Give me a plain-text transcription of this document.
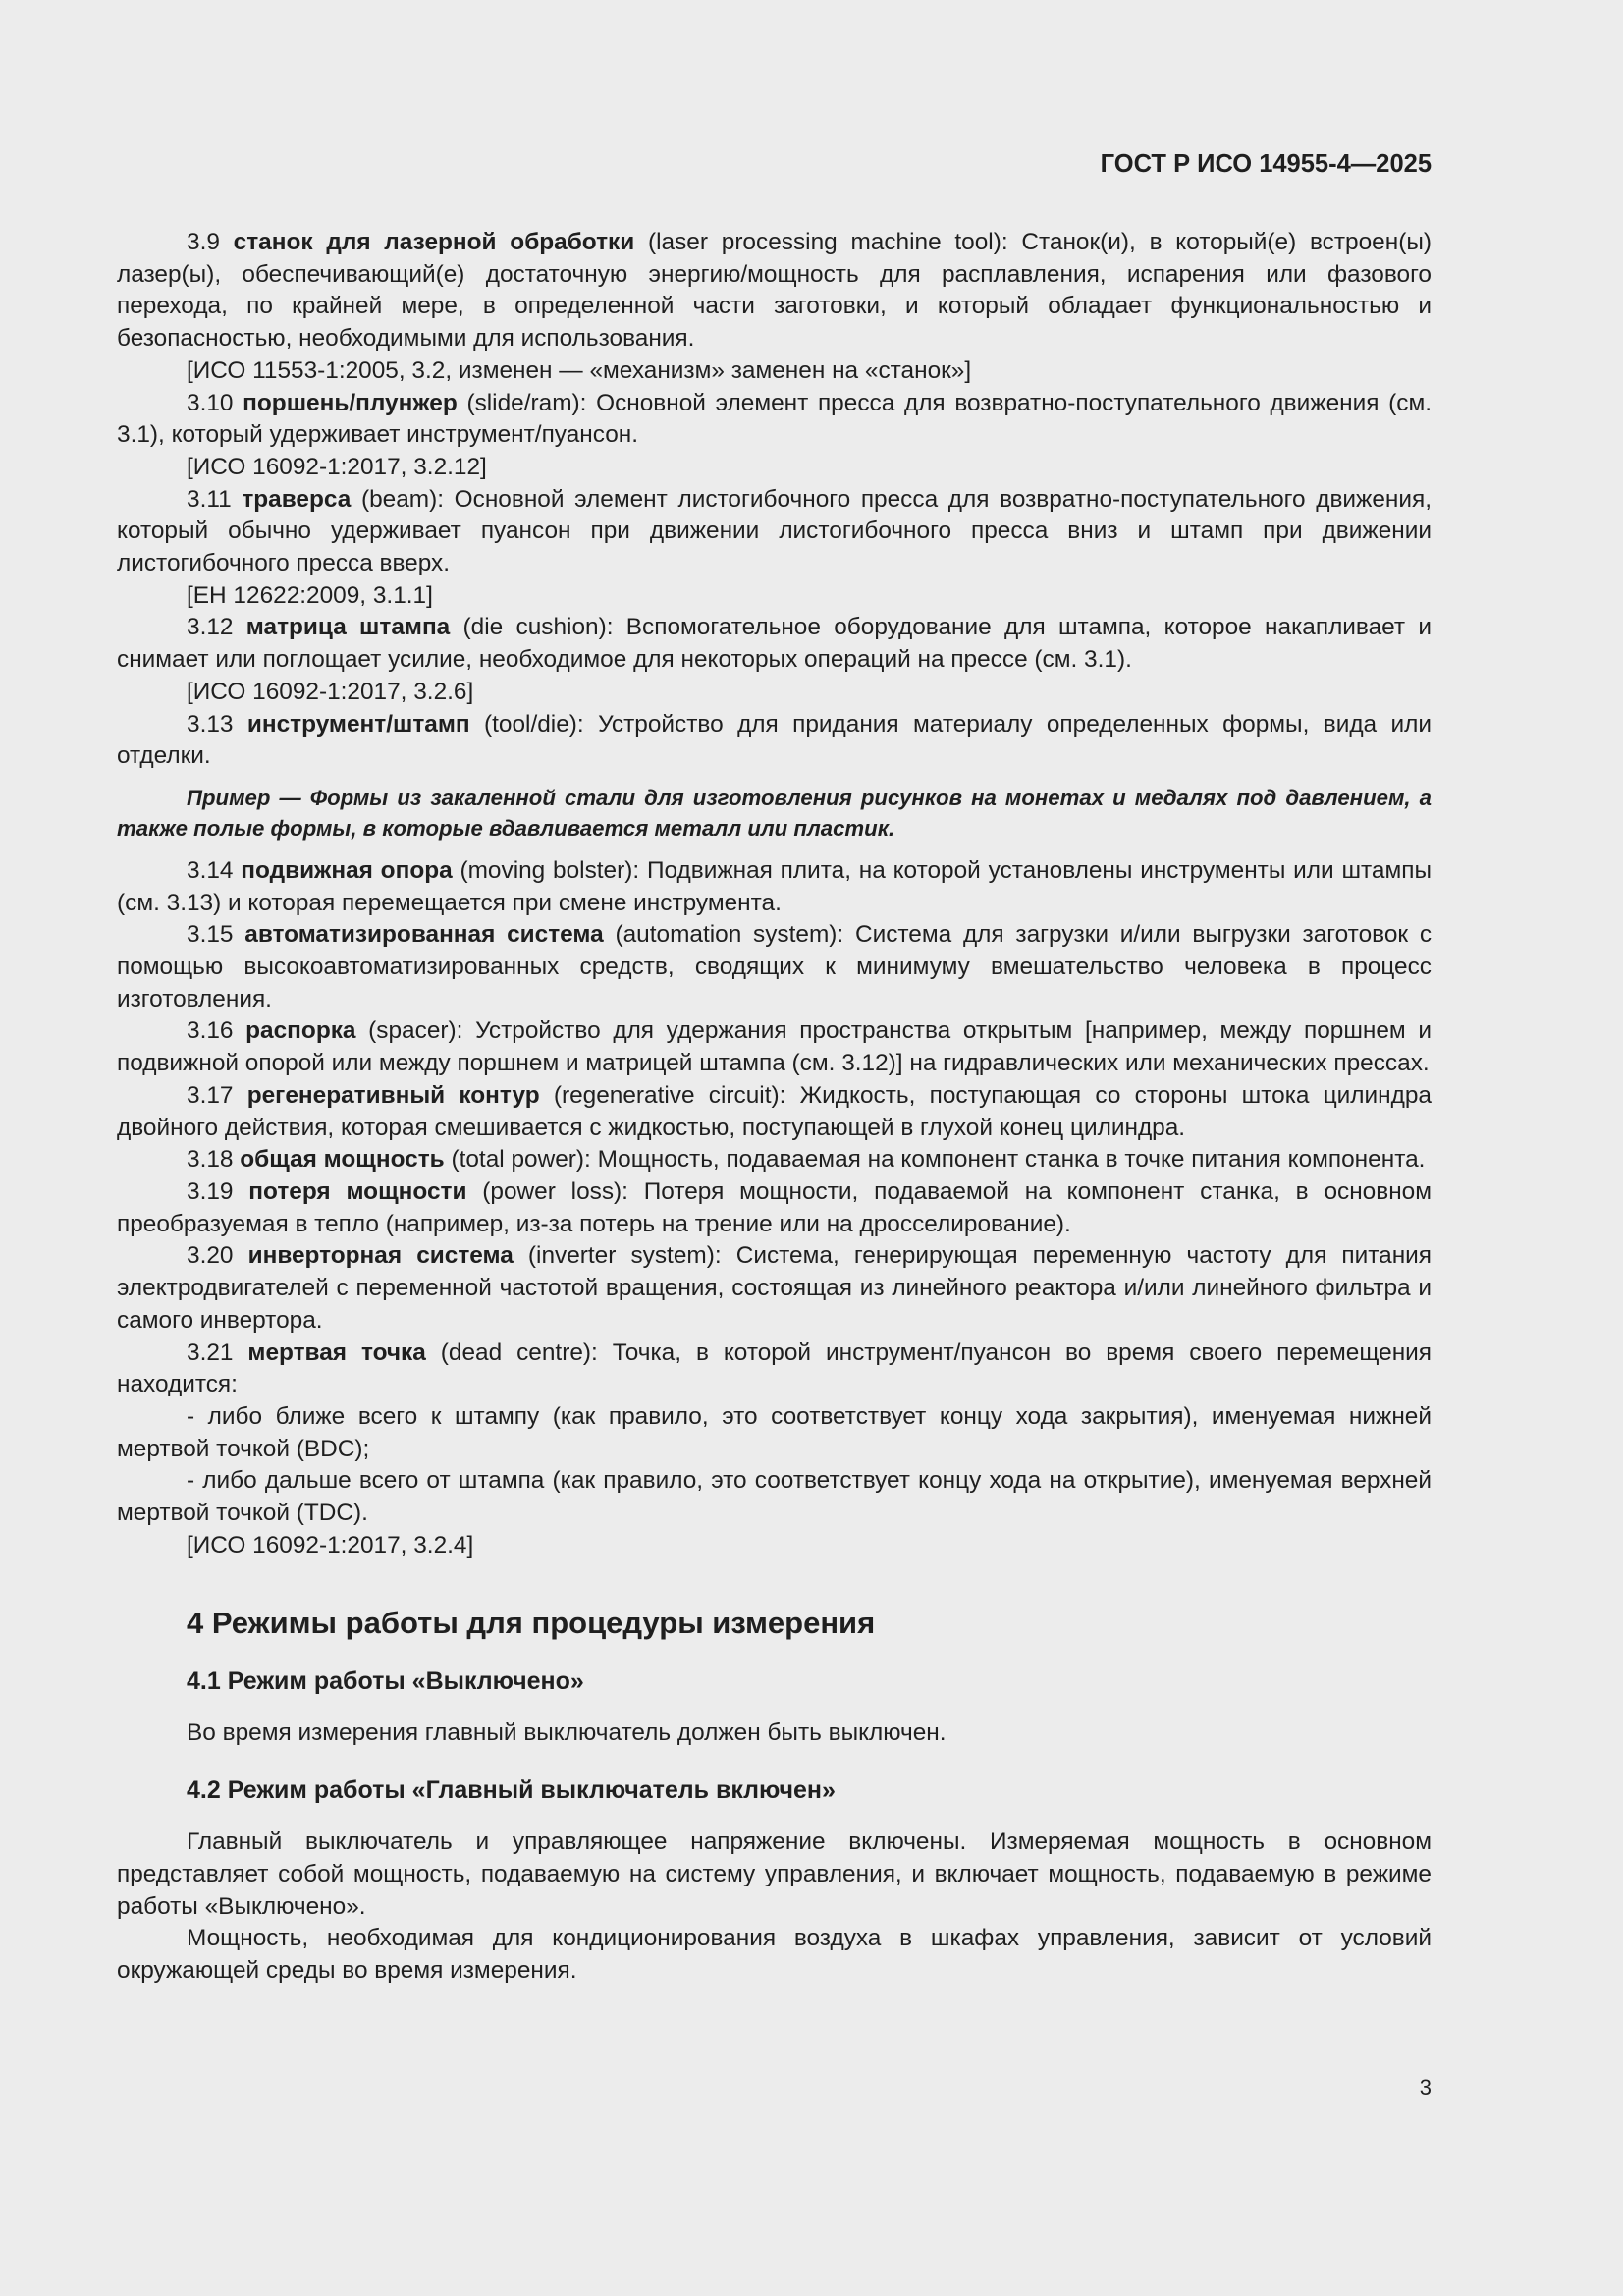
ГОСТ Р ИСО 14955-4—2025

3.9 станок для лазерной обработки (laser processing machine tool): Станок(и), в который(е) встроен(ы) лазер(ы), обеспечивающий(е) достаточную энергию/мощность для расплавления, испарения или фазового перехода, по крайней мере, в определенной части заготовки, и который обладает функциональностью и безопасностью, необходимыми для использования.

[ИСО 11553-1:2005, 3.2, изменен — «механизм» заменен на «станок»]

3.10 поршень/плунжер (slide/ram): Основной элемент пресса для возвратно-поступательного движения (см. 3.1), который удерживает инструмент/пуансон.

[ИСО 16092-1:2017, 3.2.12]

3.11 траверса (beam): Основной элемент листогибочного пресса для возвратно-поступательного движения, который обычно удерживает пуансон при движении листогибочного пресса вниз и штамп при движении листогибочного пресса вверх.

[ЕН 12622:2009, 3.1.1]

3.12 матрица штампа (die cushion): Вспомогательное оборудование для штампа, которое накапливает и снимает или поглощает усилие, необходимое для некоторых операций на прессе (см. 3.1).

[ИСО 16092-1:2017, 3.2.6]

3.13 инструмент/штамп (tool/die): Устройство для придания материалу определенных формы, вида или отделки.

Пример — Формы из закаленной стали для изготовления рисунков на монетах и медалях под давлением, а также полые формы, в которые вдавливается металл или пластик.

3.14 подвижная опора (moving bolster): Подвижная плита, на которой установлены инструменты или штампы (см. 3.13) и которая перемещается при смене инструмента.

3.15 автоматизированная система (automation system): Система для загрузки и/или выгрузки заготовок с помощью высокоавтоматизированных средств, сводящих к минимуму вмешательство человека в процесс изготовления.

3.16 распорка (spacer): Устройство для удержания пространства открытым [например, между поршнем и подвижной опорой или между поршнем и матрицей штампа (см. 3.12)] на гидравлических или механических прессах.

3.17 регенеративный контур (regenerative circuit): Жидкость, поступающая со стороны штока цилиндра двойного действия, которая смешивается с жидкостью, поступающей в глухой конец цилиндра.

3.18 общая мощность (total power): Мощность, подаваемая на компонент станка в точке питания компонента.

3.19 потеря мощности (power loss): Потеря мощности, подаваемой на компонент станка, в основном преобразуемая в тепло (например, из-за потерь на трение или на дросселирование).

3.20 инверторная система (inverter system): Система, генерирующая переменную частоту для питания электродвигателей с переменной частотой вращения, состоящая из линейного реактора и/или линейного фильтра и самого инвертора.

3.21 мертвая точка (dead centre): Точка, в которой инструмент/пуансон во время своего перемещения находится:

- либо ближе всего к штампу (как правило, это соответствует концу хода закрытия), именуемая нижней мертвой точкой (BDC);

- либо дальше всего от штампа (как правило, это соответствует концу хода на открытие), именуемая верхней мертвой точкой (TDC).

[ИСО 16092-1:2017, 3.2.4]

4 Режимы работы для процедуры измерения
4.1 Режим работы «Выключено»

Во время измерения главный выключатель должен быть выключен.

4.2 Режим работы «Главный выключатель включен»

Главный выключатель и управляющее напряжение включены. Измеряемая мощность в основном представляет собой мощность, подаваемую на систему управления, и включает мощность, подаваемую в режиме работы «Выключено».

Мощность, необходимая для кондиционирования воздуха в шкафах управления, зависит от условий окружающей среды во время измерения.

3
